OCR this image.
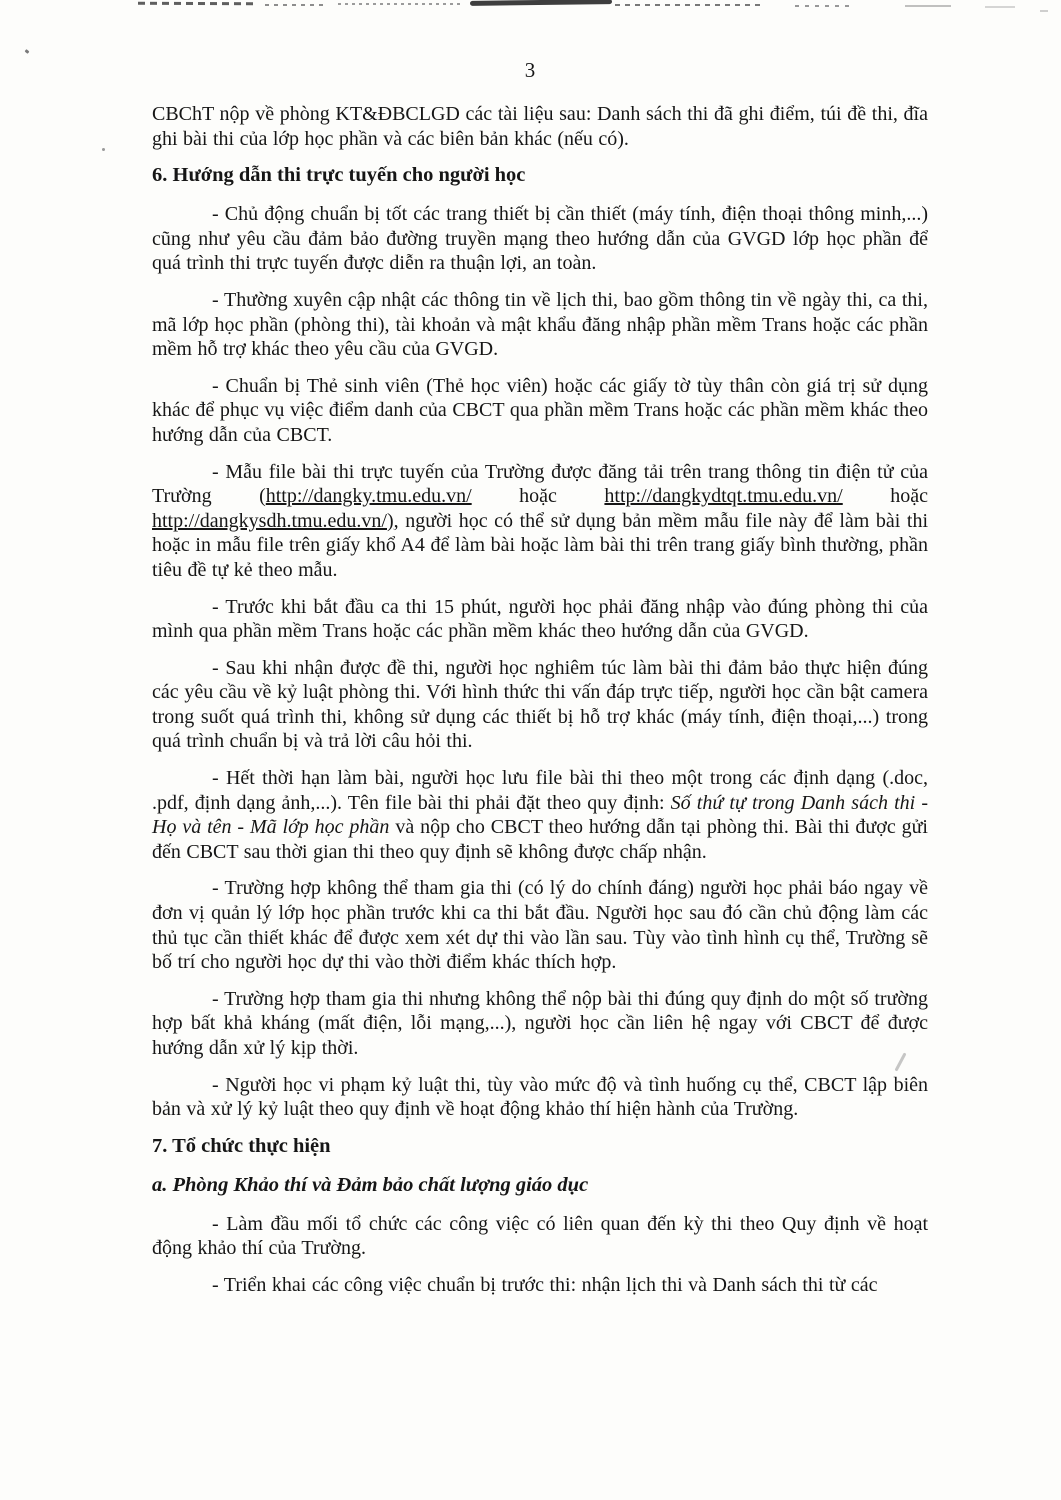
3

CBChT nộp về phòng KT&ĐBCLGD các tài liệu sau: Danh sách thi đã ghi điểm, túi đề thi, đĩa ghi bài thi của lớp học phần và các biên bản khác (nếu có).

6. Hướng dẫn thi trực tuyến cho người học

- Chủ động chuẩn bị tốt các trang thiết bị cần thiết (máy tính, điện thoại thông minh,...) cũng như yêu cầu đảm bảo đường truyền mạng theo hướng dẫn của GVGD lớp học phần để quá trình thi trực tuyến được diễn ra thuận lợi, an toàn.

- Thường xuyên cập nhật các thông tin về lịch thi, bao gồm thông tin về ngày thi, ca thi, mã lớp học phần (phòng thi), tài khoản và mật khẩu đăng nhập phần mềm Trans hoặc các phần mềm hỗ trợ khác theo yêu cầu của GVGD.

- Chuẩn bị Thẻ sinh viên (Thẻ học viên) hoặc các giấy tờ tùy thân còn giá trị sử dụng khác để phục vụ việc điểm danh của CBCT qua phần mềm Trans hoặc các phần mềm khác theo hướng dẫn của CBCT.

- Mẫu file bài thi trực tuyến của Trường được đăng tải trên trang thông tin điện tử của Trường (http://dangky.tmu.edu.vn/ hoặc http://dangkydtqt.tmu.edu.vn/ hoặc http://dangkysdh.tmu.edu.vn/), người học có thể sử dụng bản mềm mẫu file này để làm bài thi hoặc in mẫu file trên giấy khổ A4 để làm bài hoặc làm bài thi trên trang giấy bình thường, phần tiêu đề tự kẻ theo mẫu.

- Trước khi bắt đầu ca thi 15 phút, người học phải đăng nhập vào đúng phòng thi của mình qua phần mềm Trans hoặc các phần mềm khác theo hướng dẫn của GVGD.

- Sau khi nhận được đề thi, người học nghiêm túc làm bài thi đảm bảo thực hiện đúng các yêu cầu về kỷ luật phòng thi. Với hình thức thi vấn đáp trực tiếp, người học cần bật camera trong suốt quá trình thi, không sử dụng các thiết bị hỗ trợ khác (máy tính, điện thoại,...) trong quá trình chuẩn bị và trả lời câu hỏi thi.

- Hết thời hạn làm bài, người học lưu file bài thi theo một trong các định dạng (.doc, .pdf, định dạng ảnh,...). Tên file bài thi phải đặt theo quy định: Số thứ tự trong Danh sách thi - Họ và tên - Mã lớp học phần và nộp cho CBCT theo hướng dẫn tại phòng thi. Bài thi được gửi đến CBCT sau thời gian thi theo quy định sẽ không được chấp nhận.

- Trường hợp không thể tham gia thi (có lý do chính đáng) người học phải báo ngay về đơn vị quản lý lớp học phần trước khi ca thi bắt đầu. Người học sau đó cần chủ động làm các thủ tục cần thiết khác để được xem xét dự thi vào lần sau. Tùy vào tình hình cụ thể, Trường sẽ bố trí cho người học dự thi vào thời điểm khác thích hợp.

- Trường hợp tham gia thi nhưng không thể nộp bài thi đúng quy định do một số trường hợp bất khả kháng (mất điện, lỗi mạng,...), người học cần liên hệ ngay với CBCT để được hướng dẫn xử lý kịp thời.

- Người học vi phạm kỷ luật thi, tùy vào mức độ và tình huống cụ thể, CBCT lập biên bản và xử lý kỷ luật theo quy định về hoạt động khảo thí hiện hành của Trường.

7. Tổ chức thực hiện

a. Phòng Khảo thí và Đảm bảo chất lượng giáo dục

- Làm đầu mối tổ chức các công việc có liên quan đến kỳ thi theo Quy định về hoạt động khảo thí của Trường.

- Triển khai các công việc chuẩn bị trước thi: nhận lịch thi và Danh sách thi từ các
